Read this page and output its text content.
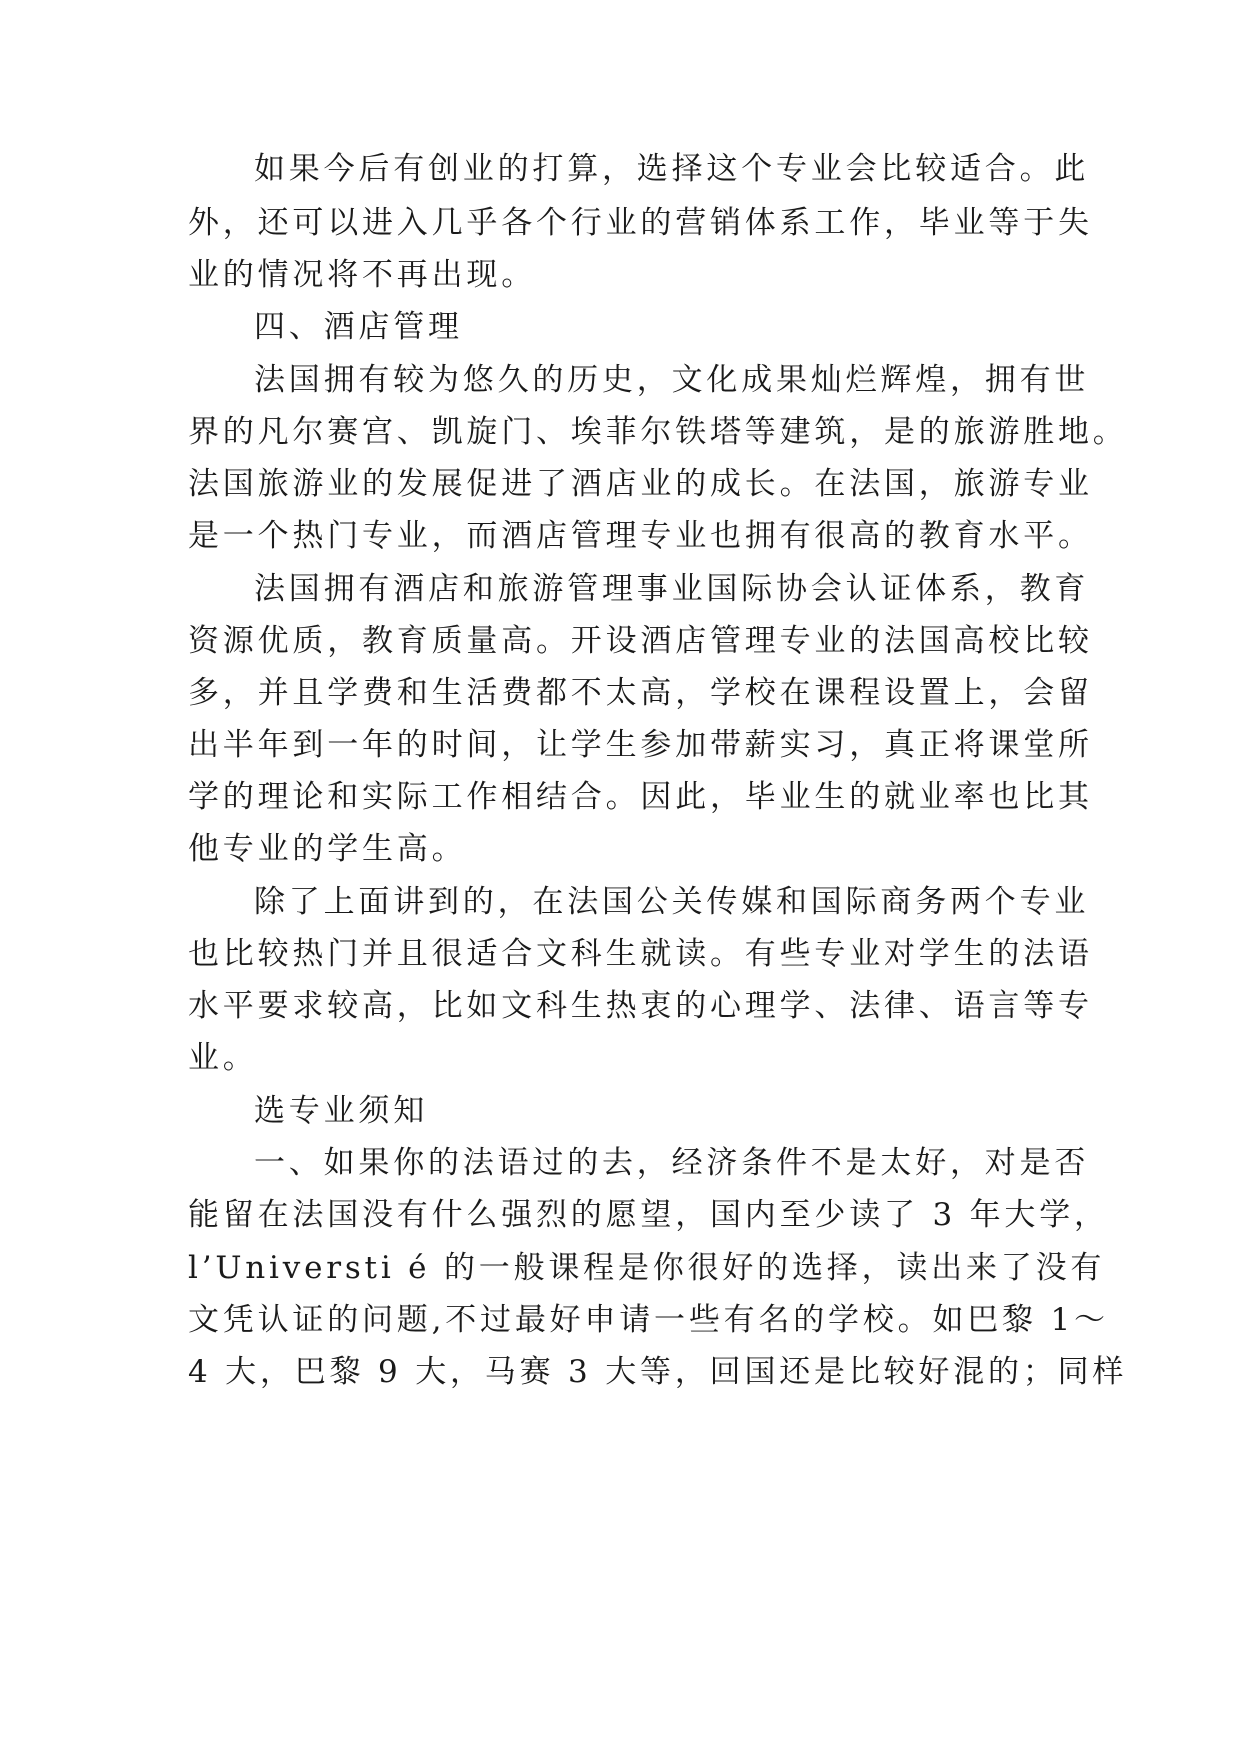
如果今后有创业的打算，选择这个专业会比较适合。此

外，还可以进入几乎各个行业的营销体系工作，毕业等于失

业的情况将不再出现。

四、酒店管理

法国拥有较为悠久的历史，文化成果灿烂辉煌，拥有世

界的凡尔赛宫、凯旋门、埃菲尔铁塔等建筑，是的旅游胜地。

法国旅游业的发展促进了酒店业的成长。在法国，旅游专业

是一个热门专业，而酒店管理专业也拥有很高的教育水平。

法国拥有酒店和旅游管理事业国际协会认证体系，教育

资源优质，教育质量高。开设酒店管理专业的法国高校比较

多，并且学费和生活费都不太高，学校在课程设置上，会留

出半年到一年的时间，让学生参加带薪实习，真正将课堂所

学的理论和实际工作相结合。因此，毕业生的就业率也比其

他专业的学生高。

除了上面讲到的，在法国公关传媒和国际商务两个专业

也比较热门并且很适合文科生就读。有些专业对学生的法语

水平要求较高，比如文科生热衷的心理学、法律、语言等专

业。

选专业须知

一、如果你的法语过的去，经济条件不是太好，对是否

能留在法国没有什么强烈的愿望，国内至少读了 3 年大学，

l’Universti é 的一般课程是你很好的选择，读出来了没有

文凭认证的问题,不过最好申请一些有名的学校。如巴黎 1～

4 大，巴黎 9 大，马赛 3 大等，回国还是比较好混的；同样
